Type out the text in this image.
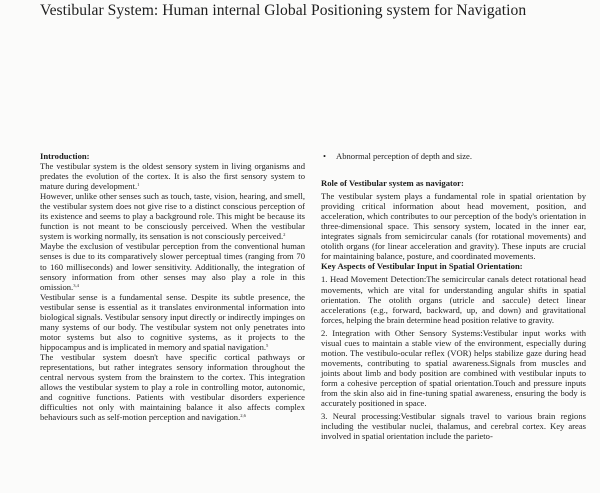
Vestibular System: Human internal Global Positioning system for Navigation

Introduction:

The vestibular system is the oldest sensory system in living organisms and predates the evolution of the cortex. It is also the first sensory system to mature during development.$^1$

However, unlike other senses such as touch, taste, vision, hearing, and smell, the vestibular system does not give rise to a distinct conscious perception of its existence and seems to play a background role. This might be because its function is not meant to be consciously perceived. When the vestibular system is working normally, its sensation is not consciously perceived.$^2$

Maybe the exclusion of vestibular perception from the conventional human senses is due to its comparatively slower perceptual times (ranging from 70 to 160 milliseconds) and lower sensitivity. Additionally, the integration of sensory information from other senses may also play a role in this omission.$^{3,4}$

Vestibular sense is a fundamental sense. Despite its subtle presence, the vestibular sense is essential as it translates environmental information into biological signals. Vestibular sensory input directly or indirectly impinges on many systems of our body. The vestibular system not only penetrates into motor systems but also to cognitive systems, as it projects to the hippocampus and is implicated in memory and spatial navigation.$^5$

The vestibular system doesn't have specific cortical pathways or representations, but rather integrates sensory information throughout the central nervous system from the brainstem to the cortex. This integration allows the vestibular system to play a role in controlling motor, autonomic, and cognitive functions. Patients with vestibular disorders experience difficulties not only with maintaining balance it also affects complex behaviours such as self-motion perception and navigation.$^{2,6}$

• Abnormal perception of depth and size.

Role of Vestibular system as navigator:

The vestibular system plays a fundamental role in spatial orientation by providing critical information about head movement, position, and acceleration, which contributes to our perception of the body's orientation in three-dimensional space. This sensory system, located in the inner ear, integrates signals from semicircular canals (for rotational movements) and otolith organs (for linear acceleration and gravity). These inputs are crucial for maintaining balance, posture, and coordinated movements.

Key Aspects of Vestibular Input in Spatial Orientation:

1. Head Movement Detection:The semicircular canals detect rotational head movements, which are vital for understanding angular shifts in spatial orientation. The otolith organs (utricle and saccule) detect linear accelerations (e.g., forward, backward, up, and down) and gravitational forces, helping the brain determine head position relative to gravity.

2. Integration with Other Sensory Systems:Vestibular input works with visual cues to maintain a stable view of the environment, especially during motion. The vestibulo-ocular reflex (VOR) helps stabilize gaze during head movements, contributing to spatial awareness.Signals from muscles and joints about limb and body position are combined with vestibular inputs to form a cohesive perception of spatial orientation.Touch and pressure inputs from the skin also aid in fine-tuning spatial awareness, ensuring the body is accurately positioned in space.

3. Neural processing:Vestibular signals travel to various brain regions including the vestibular nuclei, thalamus, and cerebral cortex. Key areas involved in spatial orientation include the parieto-
